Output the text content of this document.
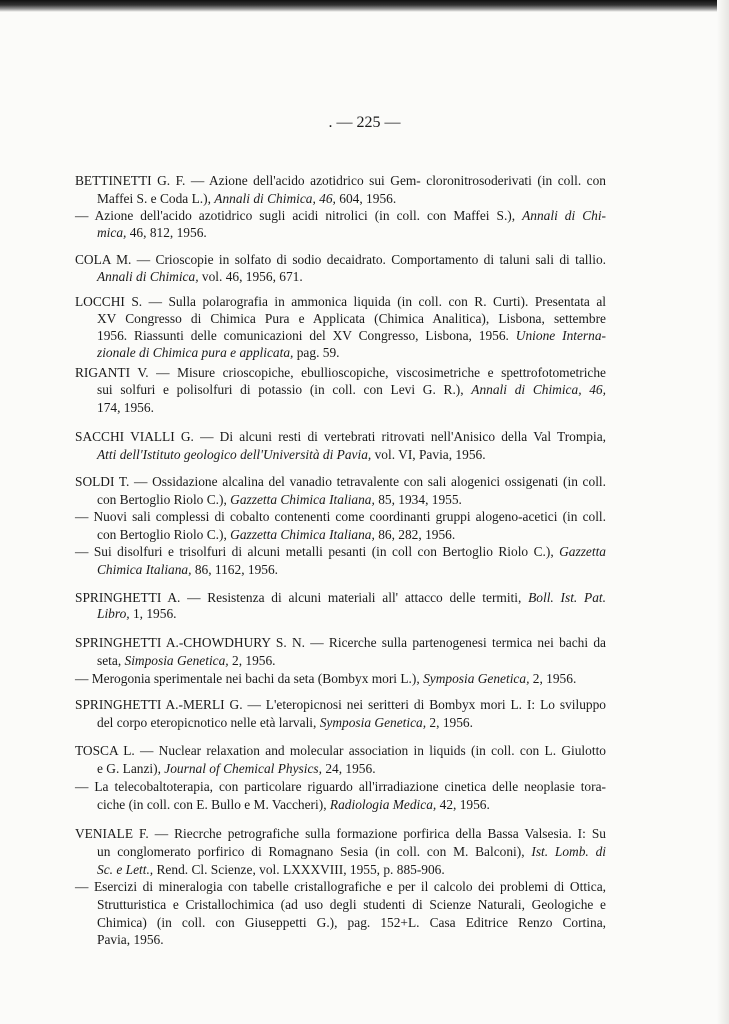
. — 225 —
BETTINETTI G. F. — Azione dell'acido azotidrico sui Gem- cloronitrosoderivati (in coll. con
Maffei S. e Coda L.), Annali di Chimica, 46, 604, 1956.
— Azione dell'acido azotidrico sugli acidi nitrolici (in coll. con Maffei S.), Annali di Chi-
mica, 46, 812, 1956.
COLA M. — Crioscopie in solfato di sodio decaidrato. Comportamento di taluni sali di tallio.
Annali di Chimica, vol. 46, 1956, 671.
LOCCHI S. — Sulla polarografia in ammonica liquida (in coll. con R. Curti). Presentata al
XV Congresso di Chimica Pura e Applicata (Chimica Analitica), Lisbona, settembre
1956. Riassunti delle comunicazioni del XV Congresso, Lisbona, 1956. Unione Interna-
zionale di Chimica pura e applicata, pag. 59.
RIGANTI V. — Misure crioscopiche, ebullioscopiche, viscosimetriche e spettrofotometriche
sui solfuri e polisolfuri di potassio (in coll. con Levi G. R.), Annali di Chimica, 46,
174, 1956.
SACCHI VIALLI G. — Di alcuni resti di vertebrati ritrovati nell'Anisico della Val Trompia,
Atti dell'Istituto geologico dell'Università di Pavia, vol. VI, Pavia, 1956.
SOLDI T. — Ossidazione alcalina del vanadio tetravalente con sali alogenici ossigenati (in coll.
con Bertoglio Riolo C.), Gazzetta Chimica Italiana, 85, 1934, 1955.
— Nuovi sali complessi di cobalto contenenti come coordinanti gruppi alogeno-acetici (in coll.
con Bertoglio Riolo C.), Gazzetta Chimica Italiana, 86, 282, 1956.
— Sui disolfuri e trisolfuri di alcuni metalli pesanti (in coll con Bertoglio Riolo C.), Gazzetta
Chimica Italiana, 86, 1162, 1956.
SPRINGHETTI A. — Resistenza di alcuni materiali all' attacco delle termiti, Boll. Ist. Pat.
Libro, 1, 1956.
SPRINGHETTI A.-CHOWDHURY S. N. — Ricerche sulla partenogenesi termica nei bachi da
seta, Simposia Genetica, 2, 1956.
— Merogonia sperimentale nei bachi da seta (Bombyx mori L.), Symposia Genetica, 2, 1956.
SPRINGHETTI A.-MERLI G. — L'eteropicnosi nei seritteri di Bombyx mori L. I: Lo sviluppo
del corpo eteropicnotico nelle età larvali, Symposia Genetica, 2, 1956.
TOSCA L. — Nuclear relaxation and molecular association in liquids (in coll. con L. Giulotto
e G. Lanzi), Journal of Chemical Physics, 24, 1956.
— La telecobaltoterapia, con particolare riguardo all'irradiazione cinetica delle neoplasie tora-
ciche (in coll. con E. Bullo e M. Vaccheri), Radiologia Medica, 42, 1956.
VENIALE F. — Riecrche petrografiche sulla formazione porfirica della Bassa Valsesia. I: Su
un conglomerato porfirico di Romagnano Sesia (in coll. con M. Balconi), Ist. Lomb. di
Sc. e Lett., Rend. Cl. Scienze, vol. LXXXVIII, 1955, p. 885-906.
— Esercizi di mineralogia con tabelle cristallografiche e per il calcolo dei problemi di Ottica,
Strutturistica e Cristallochimica (ad uso degli studenti di Scienze Naturali, Geologiche e
Chimica) (in coll. con Giuseppetti G.), pag. 152+L. Casa Editrice Renzo Cortina,
Pavia, 1956.
